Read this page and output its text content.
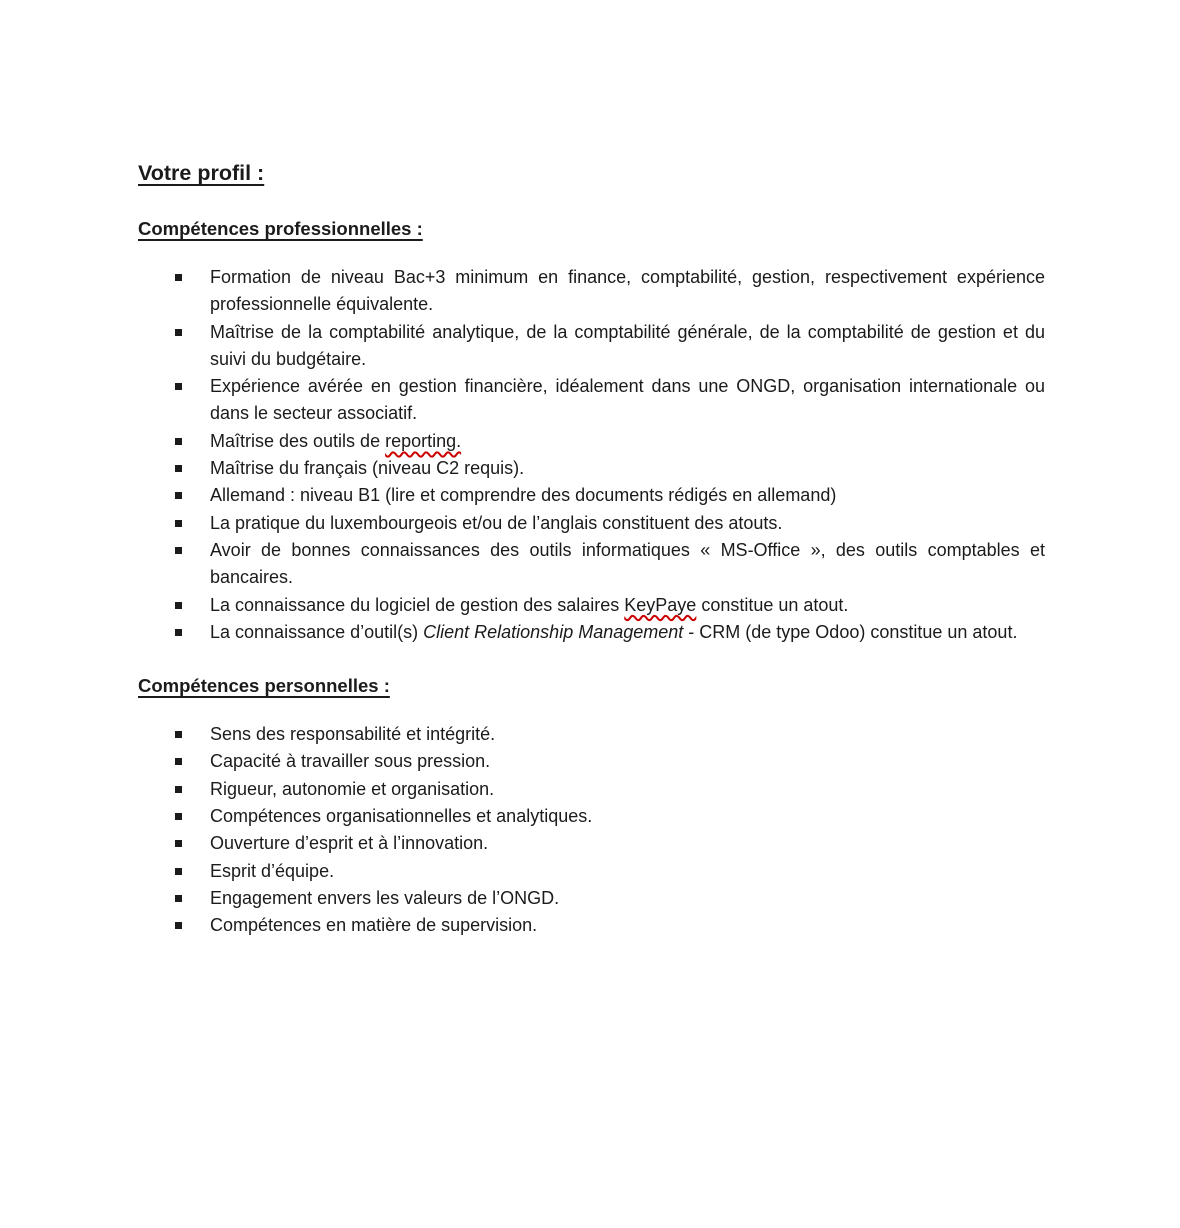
Votre profil :
Compétences professionnelles :
Formation de niveau Bac+3 minimum en finance, comptabilité, gestion, respectivement expérience professionnelle équivalente.
Maîtrise de la comptabilité analytique, de la comptabilité générale, de la comptabilité de gestion et du suivi du budgétaire.
Expérience avérée en gestion financière, idéalement dans une ONGD, organisation internationale ou dans le secteur associatif.
Maîtrise des outils de reporting.
Maîtrise du français (niveau C2 requis).
Allemand : niveau B1 (lire et comprendre des documents rédigés en allemand)
La pratique du luxembourgeois et/ou de l’anglais constituent des atouts.
Avoir de bonnes connaissances des outils informatiques « MS-Office », des outils comptables et bancaires.
La connaissance du logiciel de gestion des salaires KeyPaye constitue un atout.
La connaissance d’outil(s) Client Relationship Management - CRM (de type Odoo) constitue un atout.
Compétences personnelles :
Sens des responsabilité et intégrité.
Capacité à travailler sous pression.
Rigueur, autonomie et organisation.
Compétences organisationnelles et analytiques.
Ouverture d’esprit et à l’innovation.
Esprit d’équipe.
Engagement envers les valeurs de l’ONGD.
Compétences en matière de supervision.
